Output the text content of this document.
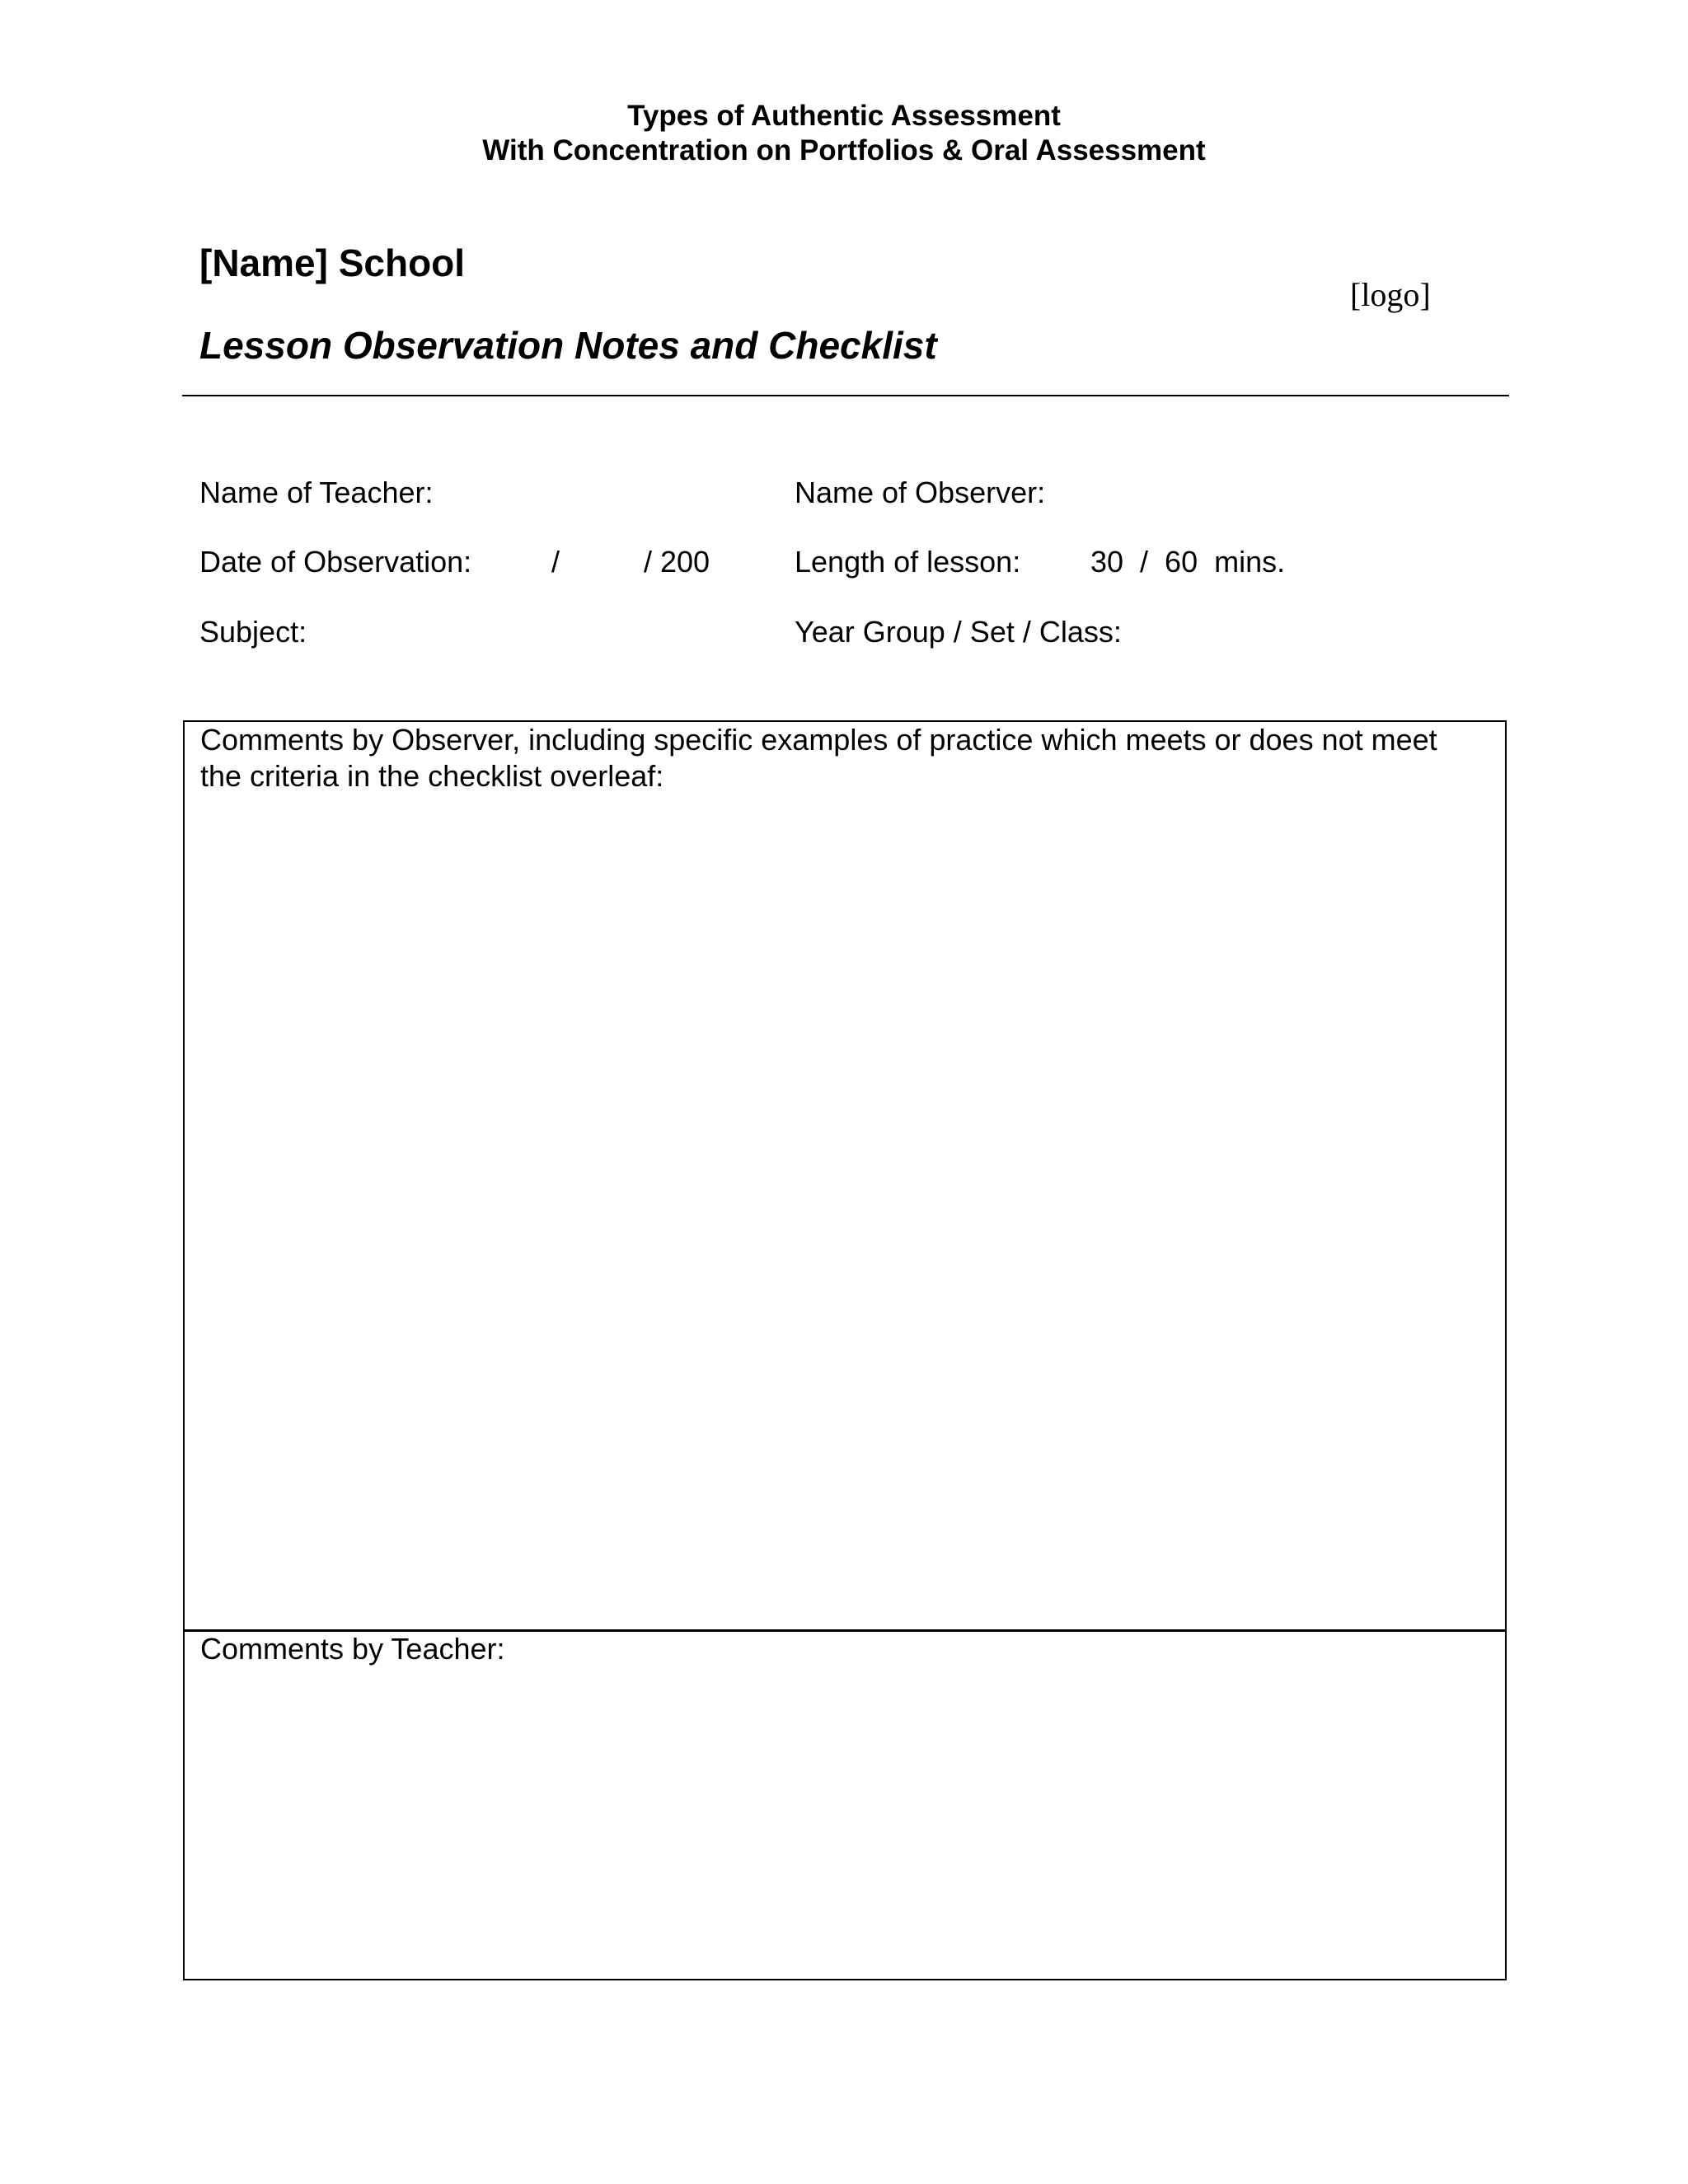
Types of Authentic Assessment
With Concentration on Portfolios & Oral Assessment
[Name] School
[logo]
Lesson Observation Notes and Checklist
Name of Teacher:	Name of Observer:
Date of Observation:	/	/ 200	Length of lesson: 30  /  60  mins.
Subject:	Year Group / Set / Class:
Comments by Observer, including specific examples of practice which meets or does not meet the criteria in the checklist overleaf:
Comments by Teacher:
